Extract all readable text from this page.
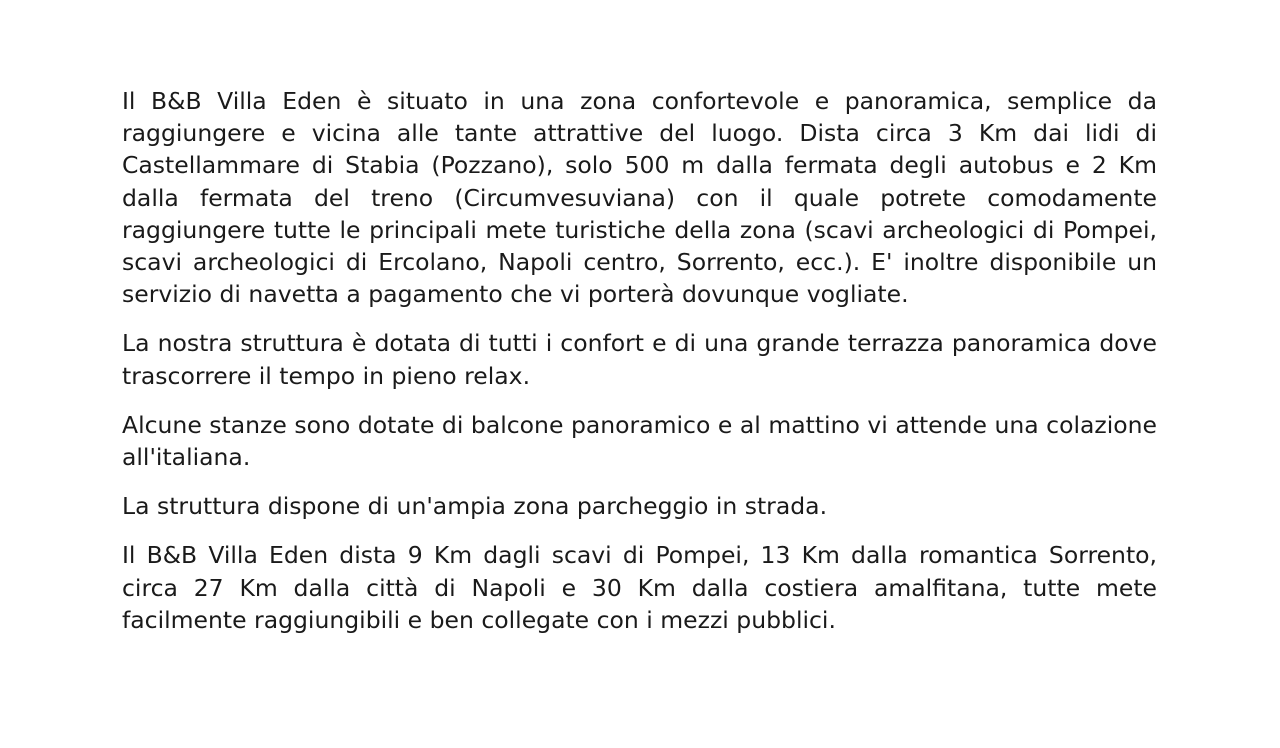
Il B&B Villa Eden è situato in una zona confortevole e panoramica, semplice da raggiungere e vicina alle tante attrattive del luogo. Dista circa 3 Km dai lidi di Castellammare di Stabia (Pozzano), solo 500 m dalla fermata degli autobus e 2 Km dalla fermata del treno (Circumvesuviana) con il quale potrete comodamente raggiungere tutte le principali mete turistiche della zona (scavi archeologici di Pompei, scavi archeologici di Ercolano, Napoli centro, Sorrento, ecc.). E' inoltre disponibile un servizio di navetta a pagamento che vi porterà dovunque vogliate.

La nostra struttura è dotata di tutti i confort e di una grande terrazza panoramica dove trascorrere il tempo in pieno relax.

Alcune stanze sono dotate di balcone panoramico e al mattino vi attende una colazione all'italiana.

La struttura dispone di un'ampia zona parcheggio in strada.

Il B&B Villa Eden dista 9 Km dagli scavi di Pompei, 13 Km dalla romantica Sorrento, circa 27 Km dalla città di Napoli e 30 Km dalla costiera amalfitana, tutte mete facilmente raggiungibili e ben collegate con i mezzi pubblici.
